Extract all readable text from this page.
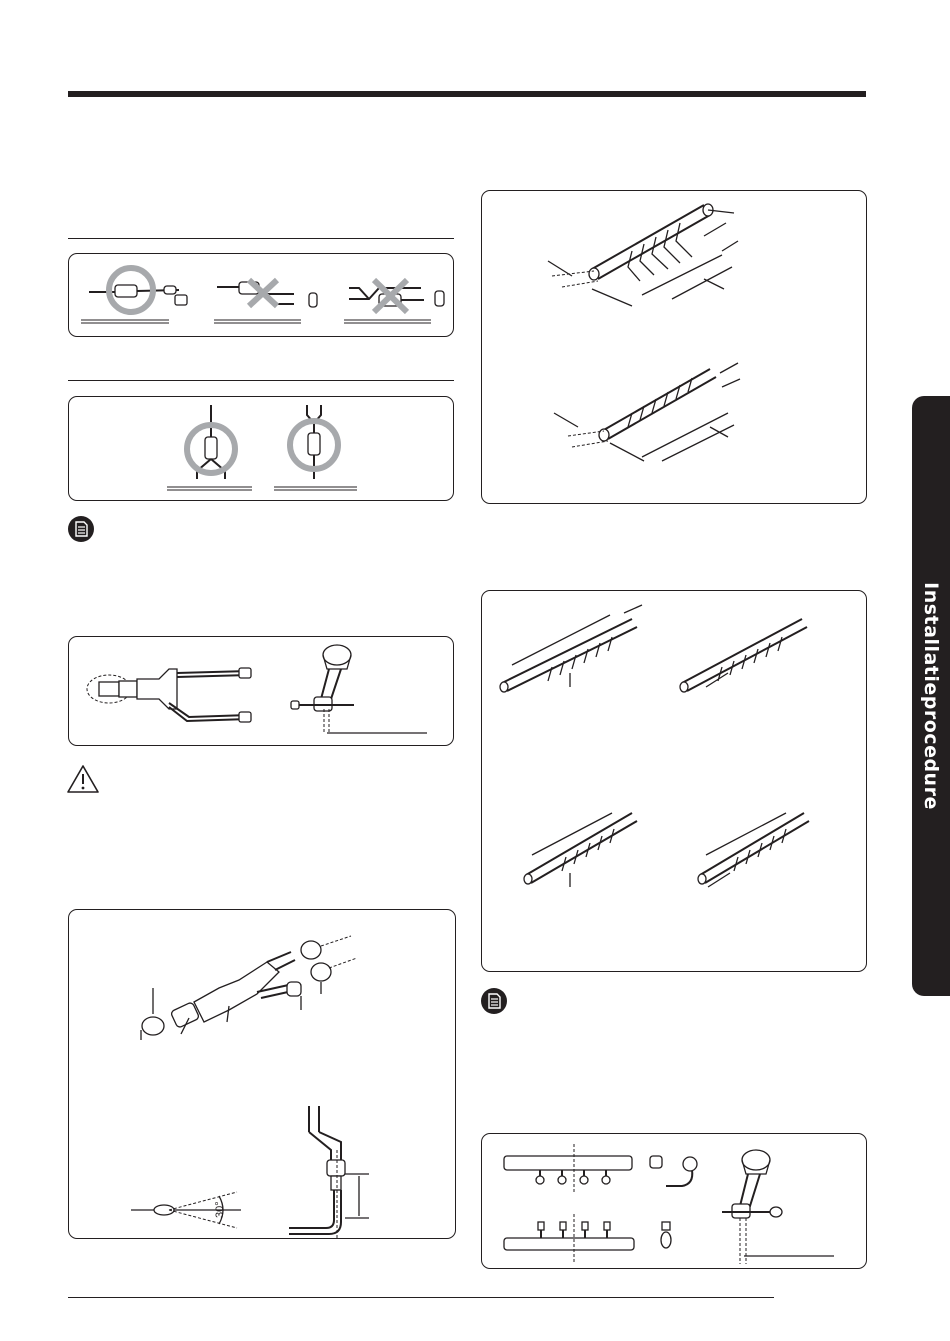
30°
Installatieprocedure
